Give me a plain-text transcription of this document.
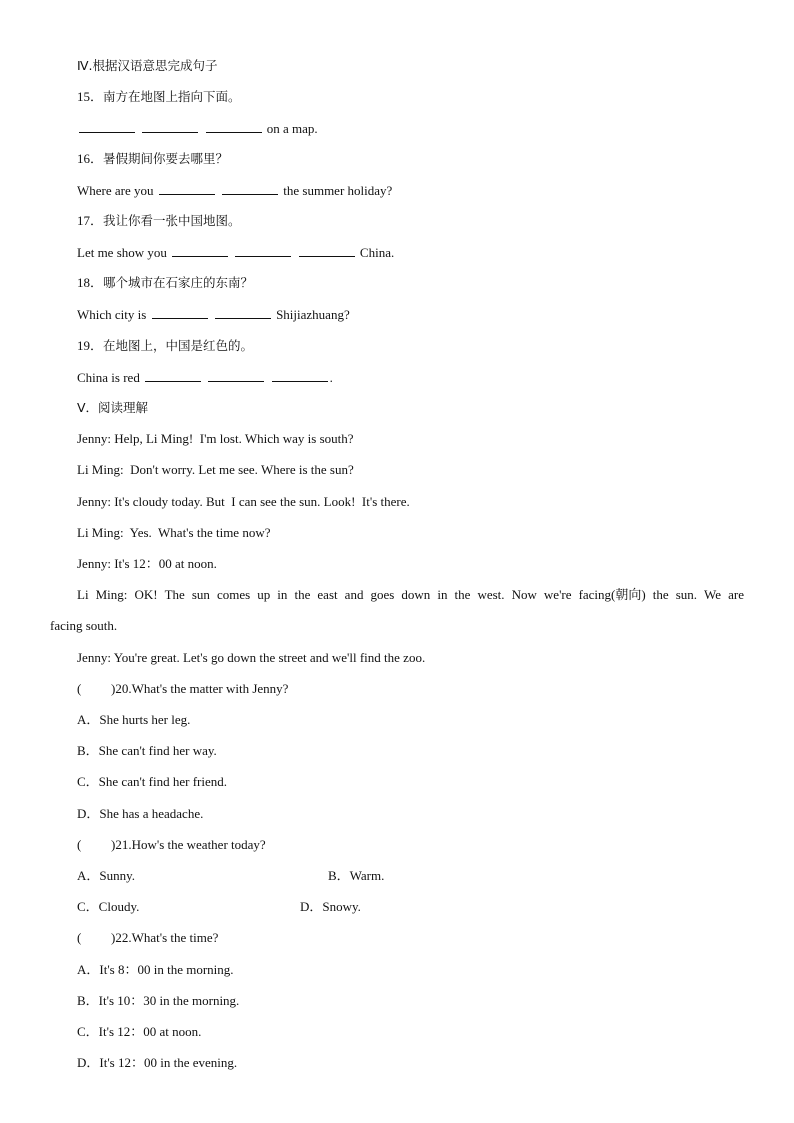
Ⅳ.根据汉语意思完成句子
15．南方在地图上指向下面。
on a map.
16．暑假期间你要去哪里？
Where are you	the summer holiday?
17．我让你看一张中国地图。
Let me show you	China.
18．哪个城市在石家庄的东南？
Which city is	Shijiazhuang?
19．在地图上，中国是红色的。
China is red	.
Ⅴ．阅读理解
Jenny: Help, Li Ming!  I'm lost. Which way is south?
Li Ming:  Don't worry. Let me see. Where is the sun?
Jenny: It's cloudy today. But  I can see the sun. Look!  It's there.
Li Ming:  Yes.  What's the time now?
Jenny: It's 12：00 at noon.
Li Ming: OK! The sun comes up in the east and goes down in the west. Now we're facing(朝向) the sun. We are
facing south.
Jenny: You're great. Let's go down the street and we'll find the zoo.
( )20.What's the matter with Jenny?
A．She hurts her leg.
B．She can't find her way.
C．She can't find her friend.
D．She has a headache.
( )21.How's the weather today?
A．Sunny.	B．Warm.
C．Cloudy.	D．Snowy.
( )22.What's the time?
A．It's 8：00 in the morning.
B．It's 10：30 in the morning.
C．It's 12：00 at noon.
D．It's 12：00 in the evening.
